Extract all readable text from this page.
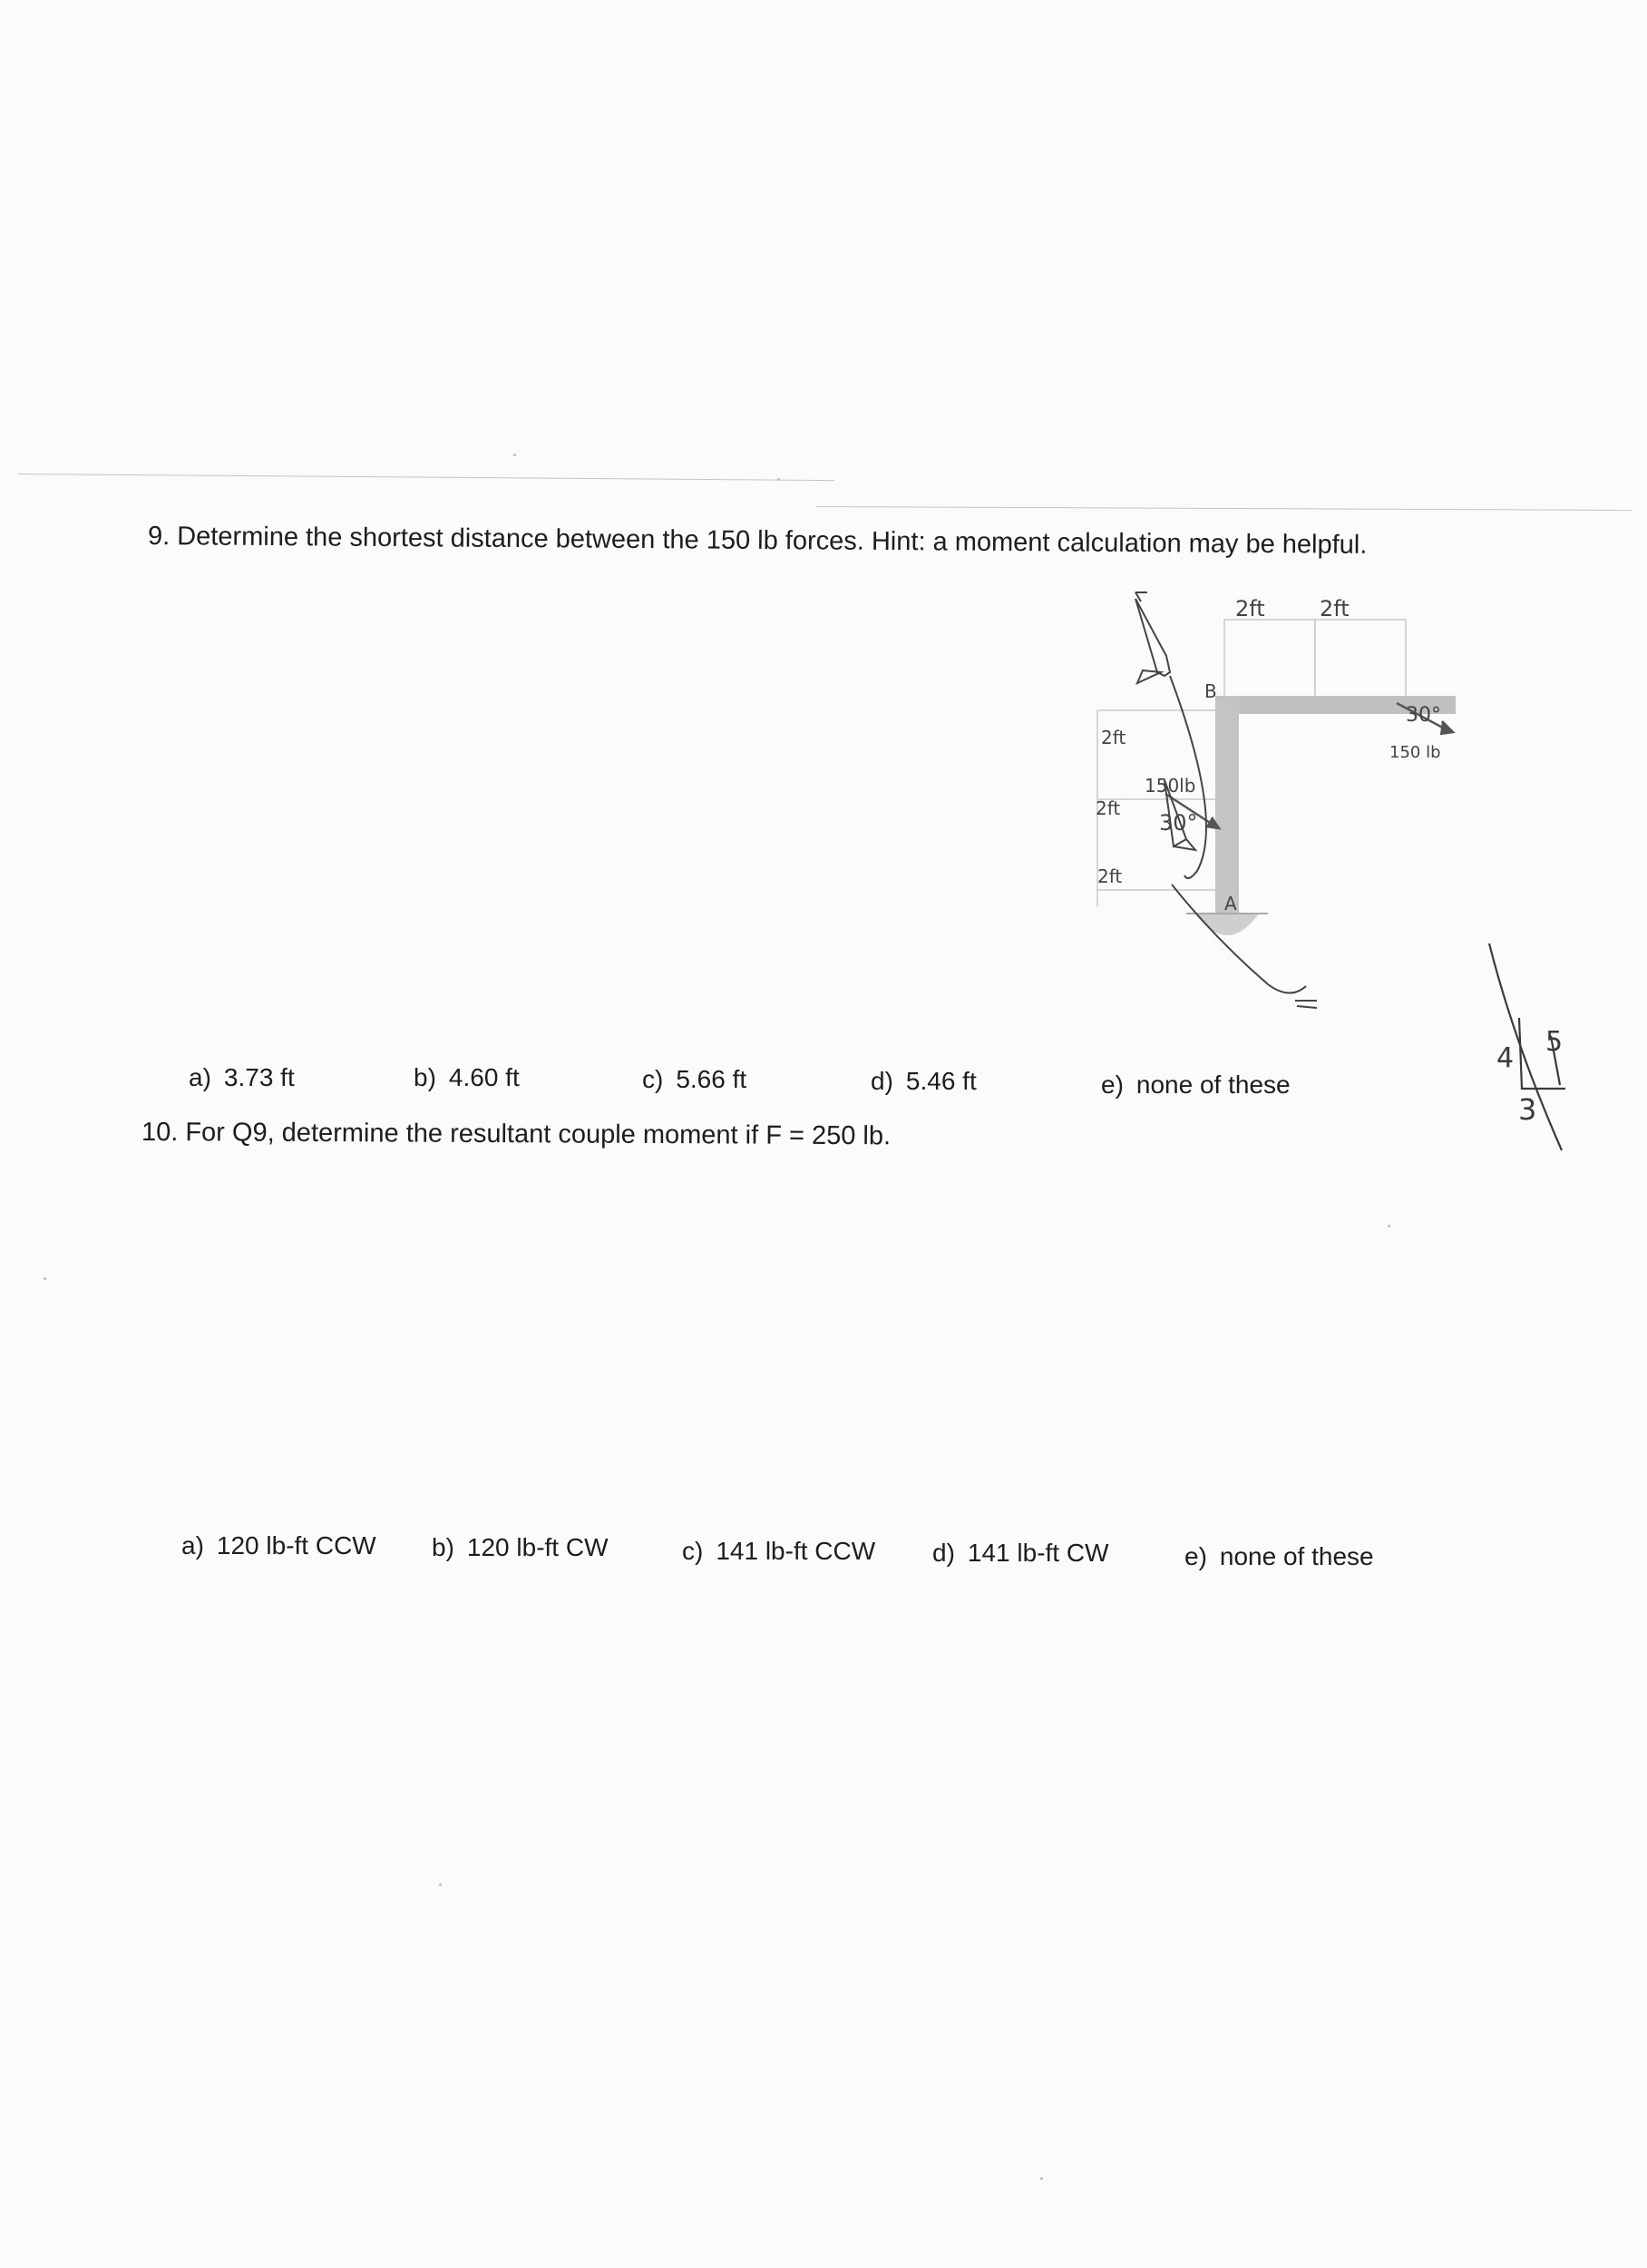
9. Determine the shortest distance between the 150 lb forces. Hint: a moment calculation may be helpful.
2ft	2ft
2ft
2ft
2ft
B
A
150lb
30°
30°
150 lb
a) 3.73 ft	b) 4.60 ft	c) 5.66 ft	d) 5.46 ft	e) none of these
4
5
3
10. For Q9, determine the resultant couple moment if F = 250 lb.
a) 120 lb-ft CCW b) 120 lb-ft CW	c) 141 lb-ft CCW d) 141 lb-ft CW	e) none of these
